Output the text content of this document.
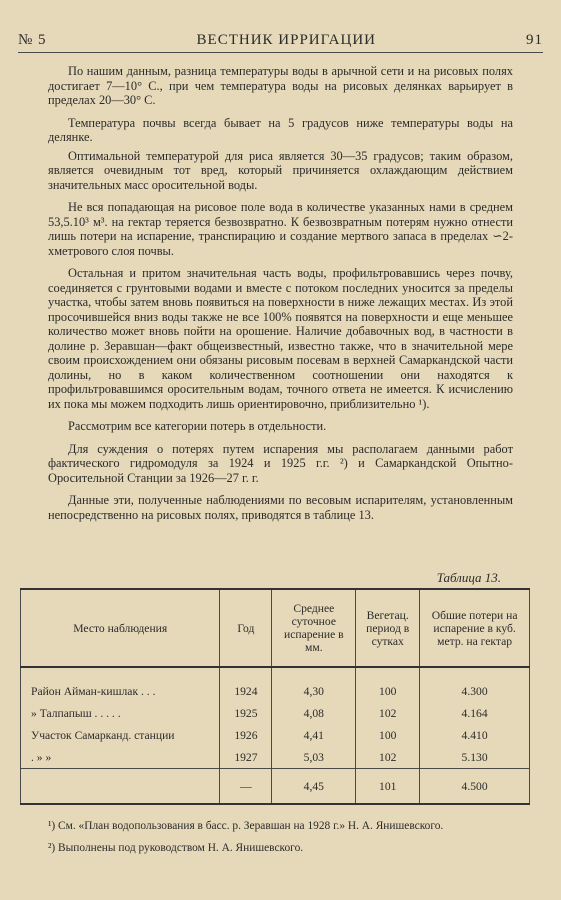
№ 5	ВЕСТНИК ИРРИГАЦИИ	91

По нашим данным, разница температуры воды в арычной сети и на рисовых полях достигает 7—10° С., при чем температура воды на рисовых делянках варьирует в пределах 20—30° С.

Температура почвы всегда бывает на 5 градусов ниже температуры воды на делянке.

Оптимальной температурой для риса является 30—35 градусов; таким образом, является очевидным тот вред, который причиняется охлаждающим действием значительных масс оросительной воды.

Не вся попадающая на рисовое поле вода в количестве указанных нами в среднем 53,5.10³ м³. на гектар теряется безвозвратно. К безвозвратным потерям нужно отнести лишь потери на испарение, транспирацию и создание мертвого запаса в пределах ∽2-хметрового слоя почвы.

Остальная и притом значительная часть воды, профильтровавшись через почву, соединяется с грунтовыми водами и вместе с потоком последних уносится за пределы участка, чтобы затем вновь появиться на поверхности в ниже лежащих местах. Из этой просочившейся вниз воды также не все 100% появятся на поверхности и еще меньшее количество может вновь пойти на орошение. Наличие добавочных вод, в частности в долине р. Зеравшан—факт общеизвестный, известно также, что в значительной мере своим происхождением они обязаны рисовым посевам в верхней Самаркандской части долины, но в каком количественном соотношении они находятся к профильтровавшимся оросительным водам, точного ответа не имеется. К исчислению их пока мы можем подходить лишь ориентировочно, приблизительно ¹).

Рассмотрим все категории потерь в отдельности.

Для суждения о потерях путем испарения мы располагаем данными работ фактического гидромодуля за 1924 и 1925 г.г. ²) и Самаркандской Опытно-Оросительной Станции за 1926—27 г. г.

Данные эти, полученные наблюдениями по весовым испарителям, установленным непосредственно на рисовых полях, приводятся в таблице 13.

Таблица 13.
Место наблюдения	Год	Среднее суточное испарение в мм.	Вегетац. период в сутках	Обшие потери на испарение в куб. метр. на гектар
Район Айман-кишлак . . .	1924	4,30	100	4.300
» Талпапыш . . . . .	1925	4,08	102	4.164
Участок Самарканд. станции	1926	4,41	100	4.410
. » »	1927	5,03	102	5.130
	—	4,45	101	4.500

¹) См. «План водопользования в басс. р. Зеравшан на 1928 г.» Н. А. Янишевского.

²) Выполнены под руководством Н. А. Янишевского.
